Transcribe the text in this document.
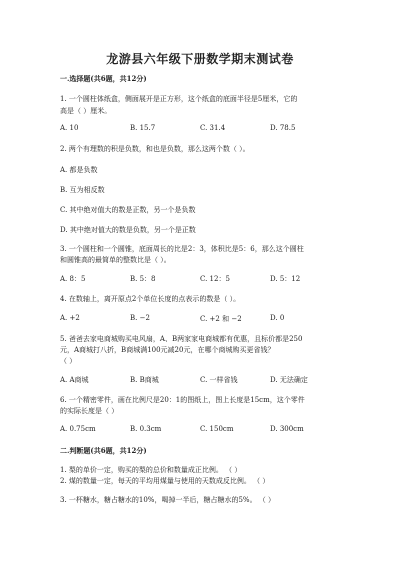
龙游县六年级下册数学期末测试卷
一.选择题(共6题，共12分)
1. 一个圆柱体纸盒，侧面展开是正方形，这个纸盒的底面半径是5厘米，它的
高是（ ）厘米。
A. 10	B. 15.7	C. 31.4	D. 78.5
2. 两个有理数的积是负数，和也是负数，那么这两个数（ ）。
A. 都是负数
B. 互为相反数
C. 其中绝对值大的数是正数，另一个是负数
D. 其中绝对值大的数是负数，另一个是正数
3. 一个圆柱和一个圆锥，底面周长的比是2：3，体积比是5：6，那么这个圆柱
和圆锥高的最简单的整数比是（ ）。
A. 8：5	B. 5：8	C. 12：5	D. 5：12
4. 在数轴上，离开原点2个单位长度的点表示的数是（ ）。
A. +2	B. −2	C. +2 和 −2	D. 0
5. 爸爸去家电商城购买电风扇，A、B两家家电商城都有优惠，且标价都是250
元，A商城打八折，B商城满100元减20元，在哪个商城购买更省钱？
（ ）
A. A商城	B. B商城	C. 一样省钱	D. 无法确定
6. 一个精密零件，画在比例尺是20：1的图纸上，图上长度是15cm，这个零件
的实际长度是（ ）
A. 0.75cm	B. 0.3cm	C. 150cm	D. 300cm
二.判断题(共6题，共12分)
1. 梨的单价一定，购买的梨的总价和数量成正比例。 （ ）
2. 煤的数量一定，每天的平均用煤量与使用的天数成反比例。 （ ）
3. 一杯糖水，糖占糖水的10%，喝掉一半后，糖占糖水的5%。 （ ）
